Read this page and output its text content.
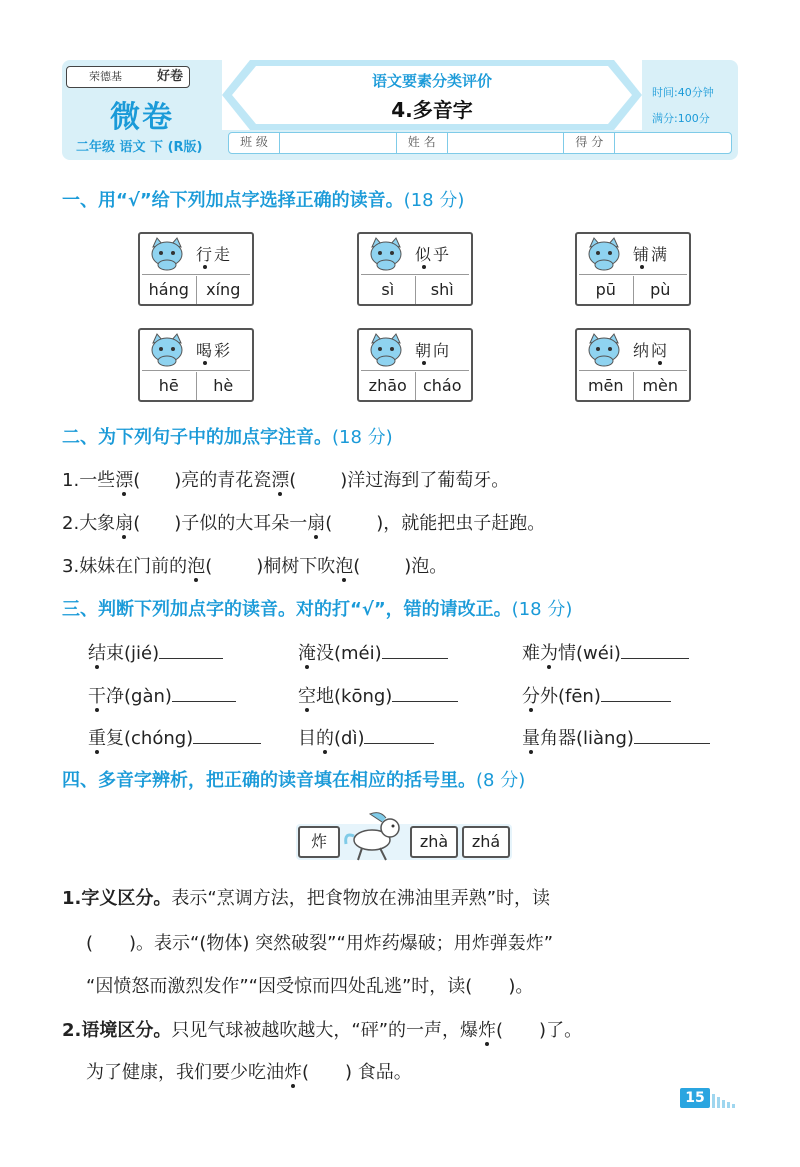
荣德基	好卷
微卷
二年级 语文 下 (R版)
语文要素分类评价
4.多音字
时间:40分钟
满分:100分
班 级	姓 名	得 分
一、用“√”给下列加点字选择正确的读音。(18 分)
行走
háng	xíng
似乎
sì	shì
铺满
pū	pù
喝彩
hē	hè
朝向
zhāo	cháo
纳闷
mēn	mèn
二、为下列句子中的加点字注音。(18 分)
1.一些漂( )亮的青花瓷漂( )洋过海到了葡萄牙。
2.大象扇( )子似的大耳朵一扇( )，就能把虫子赶跑。
3.妹妹在门前的泡( )桐树下吹泡( )泡。
三、判断下列加点字的读音。对的打“√”，错的请改正。(18 分)
结束(jié)	淹没(méi)	难为情(wéi)
干净(gàn)	空地(kōng)	分外(fēn)
重复(chóng)	目的(dì)	量角器(liàng)
四、多音字辨析，把正确的读音填在相应的括号里。(8 分)
炸	zhà	zhá
1.字义区分。表示“烹调方法，把食物放在沸油里弄熟”时，读
(　　)。表示“(物体) 突然破裂”“用炸药爆破；用炸弹轰炸”
“因愤怒而激烈发作”“因受惊而四处乱逃”时，读(　　)。
2.语境区分。只见气球被越吹越大，“砰”的一声，爆炸(　　)了。
为了健康，我们要少吃油炸(　　) 食品。
15
